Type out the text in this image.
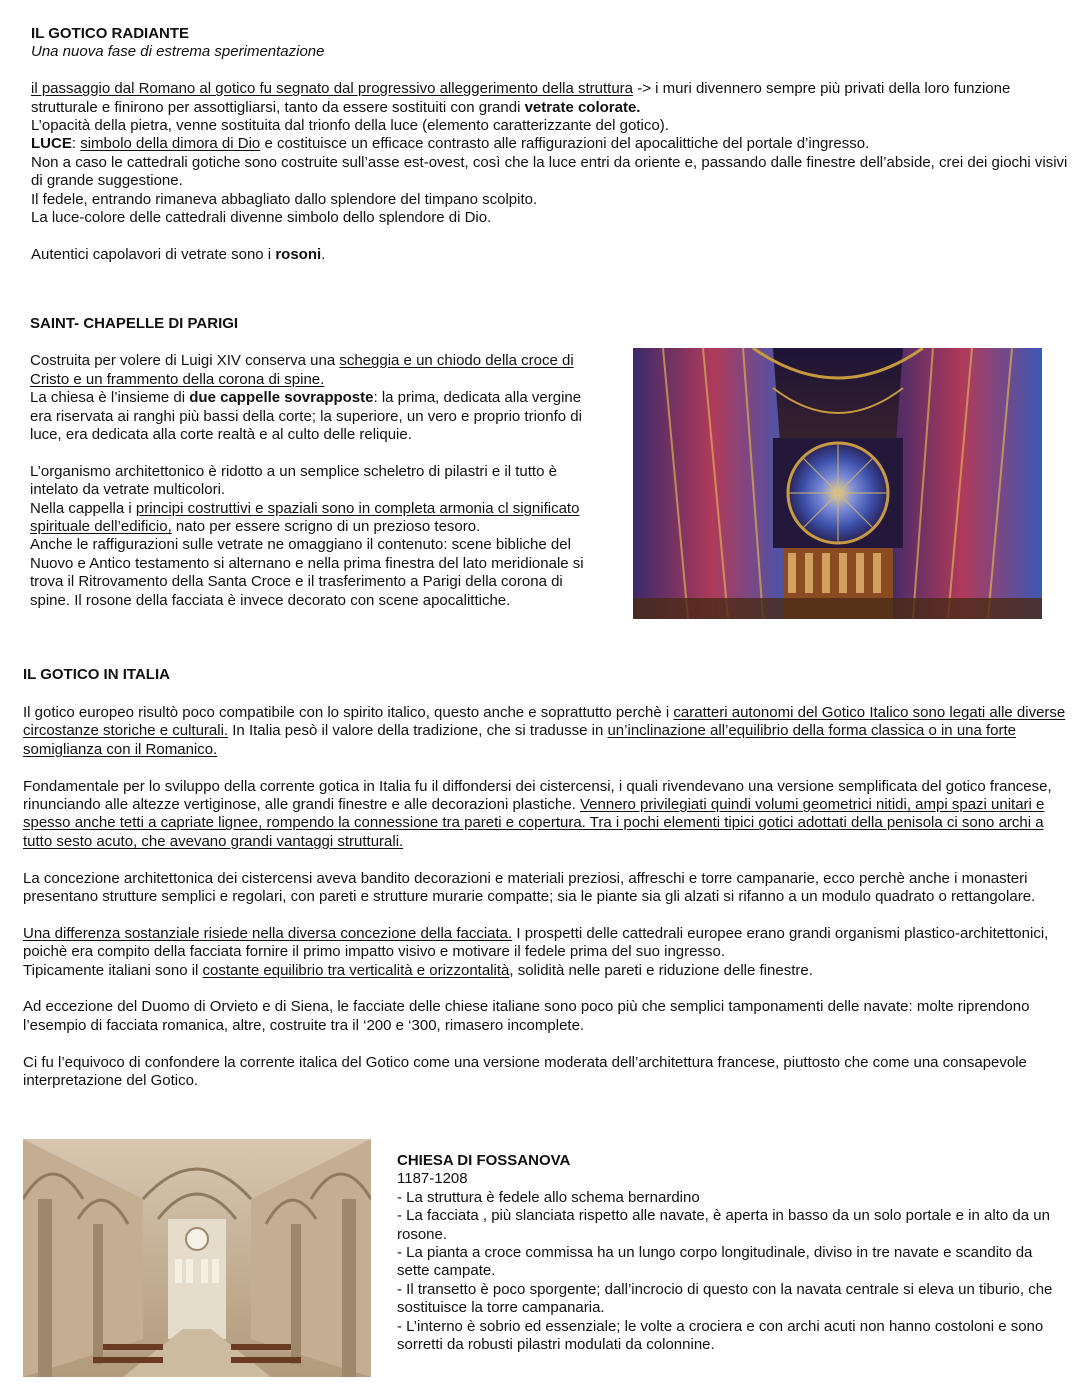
IL GOTICO RADIANTE

Una nuova fase di estrema sperimentazione

il passaggio dal Romano al gotico fu segnato dal progressivo alleggerimento della struttura -> i muri divennero sempre più privati della loro funzione strutturale e finirono per assottigliarsi, tanto da essere sostituiti con grandi vetrate colorate.

L’opacità della pietra, venne sostituita dal trionfo della luce (elemento caratterizzante del gotico).

LUCE: simbolo della dimora di Dio e costituisce un efficace contrasto alle raffigurazioni del apocalittiche del portale d’ingresso.

Non a caso le cattedrali gotiche sono costruite sull’asse est-ovest, così che la luce entri da oriente e, passando dalle finestre dell’abside, crei dei giochi visivi di grande suggestione.

Il fedele, entrando rimaneva abbagliato dallo splendore del timpano scolpito.

La luce-colore delle cattedrali divenne simbolo dello splendore di Dio.

Autentici capolavori di vetrate sono i rosoni.

SAINT- CHAPELLE DI PARIGI

Costruita per volere di Luigi XIV conserva una scheggia e un chiodo della croce di Cristo e un frammento della corona di spine.

La chiesa è l’insieme di due cappelle sovrapposte: la prima, dedicata alla vergine era riservata ai ranghi più bassi della corte; la superiore, un vero e proprio trionfo di luce, era dedicata alla corte realtà e al culto delle reliquie.

L’organismo architettonico è ridotto a un semplice scheletro di pilastri e il tutto è intelato da vetrate multicolori.

Nella cappella i principi costruttivi e spaziali sono in completa armonia cl significato spirituale dell’edificio, nato per essere scrigno di un prezioso tesoro.

Anche le raffigurazioni sulle vetrate ne omaggiano il contenuto: scene bibliche del Nuovo e Antico testamento si alternano e nella prima finestra del lato meridionale si trova il Ritrovamento della Santa Croce e il trasferimento a Parigi della corona di spine. Il rosone della facciata è invece decorato con scene apocalittiche.

IL GOTICO IN ITALIA

Il gotico europeo risultò poco compatibile con lo spirito italico, questo anche e soprattutto perchè i caratteri autonomi del Gotico Italico sono legati alle diverse circostanze storiche e culturali. In Italia pesò il valore della tradizione, che si tradusse in un’inclinazione all’equilibrio della forma classica o in una forte somiglianza con il Romanico.

Fondamentale per lo sviluppo della corrente gotica in Italia fu il diffondersi dei cistercensi, i quali rivendevano una versione semplificata del gotico francese, rinunciando alle altezze vertiginose, alle grandi finestre e alle decorazioni plastiche. Vennero privilegiati quindi volumi geometrici nitidi, ampi spazi unitari e spesso anche tetti a capriate lignee, rompendo la connessione tra pareti e copertura. Tra i pochi elementi tipici gotici adottati della penisola ci sono archi a tutto sesto acuto, che avevano grandi vantaggi strutturali.

La concezione architettonica dei cistercensi aveva bandito decorazioni e materiali preziosi, affreschi e torre campanarie, ecco perchè anche i monasteri presentano strutture semplici e regolari, con pareti e strutture murarie compatte; sia le piante sia gli alzati si rifanno a un modulo quadrato o rettangolare.

Una differenza sostanziale risiede nella diversa concezione della facciata. I prospetti delle cattedrali europee erano grandi organismi plastico-architettonici, poichè era compito della facciata fornire il primo impatto visivo e motivare il fedele prima del suo ingresso.

Tipicamente italiani sono il costante equilibrio tra verticalità e orizzontalità, solidità nelle pareti e riduzione delle finestre.

Ad eccezione del Duomo di Orvieto e di Siena, le facciate delle chiese italiane sono poco più che semplici tamponamenti delle navate: molte riprendono l’esempio di facciata romanica, altre, costruite tra il ‘200 e ‘300, rimasero incomplete.

Ci fu l’equivoco di confondere la corrente italica del Gotico come una versione moderata dell’architettura francese, piuttosto che come una consapevole interpretazione del Gotico.

CHIESA DI FOSSANOVA

1187-1208

- La struttura è fedele allo schema bernardino

- La facciata , più slanciata rispetto alle navate, è aperta in basso da un solo portale e in alto da un rosone.

- La pianta a croce commissa ha un lungo corpo longitudinale, diviso in tre navate e scandito da sette campate.

- Il transetto è poco sporgente; dall’incrocio di questo con la navata centrale si eleva un tiburio, che sostituisce la torre campanaria.

- L’interno è sobrio ed essenziale; le volte a crociera e con archi acuti non hanno costoloni e sono sorretti da robusti pilastri modulati da colonnine.
